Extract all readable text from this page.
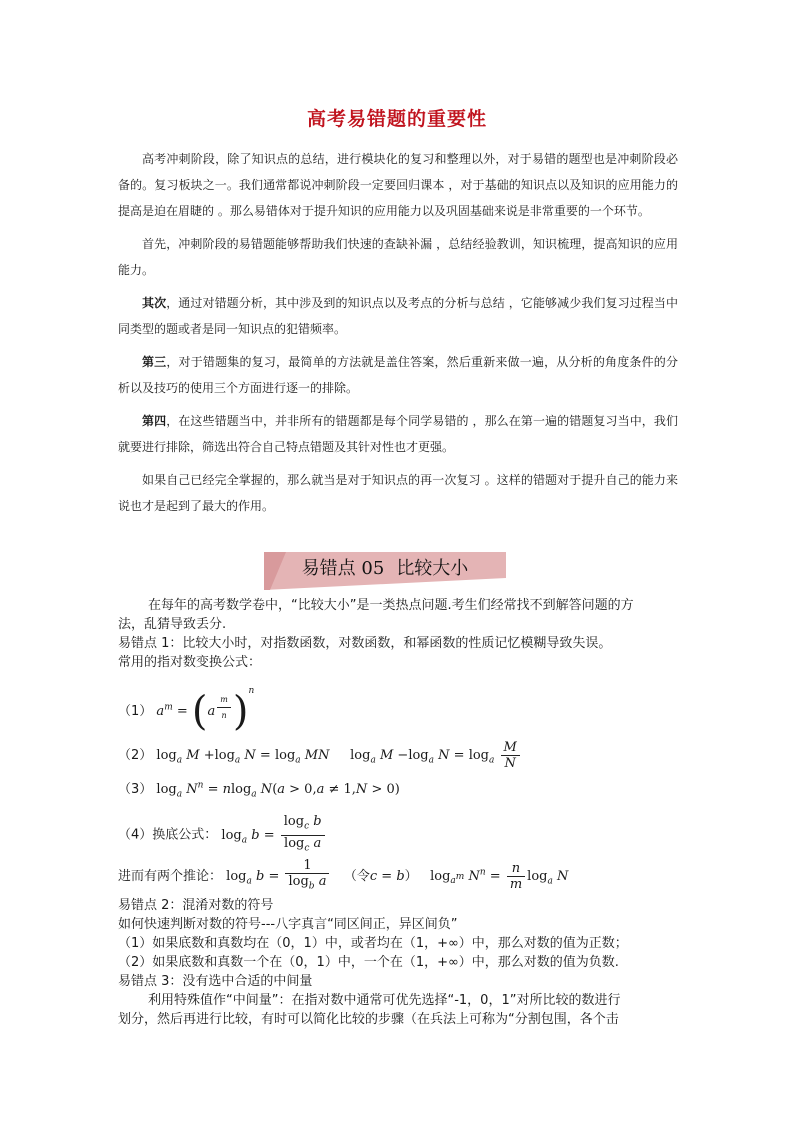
高考易错题的重要性

高考冲刺阶段，除了知识点的总结，进行模块化的复习和整理以外，对于易错的题型也是冲刺阶段必备的。复习板块之一。我们通常都说冲刺阶段一定要回归课本 ，对于基础的知识点以及知识的应用能力的提高是迫在眉睫的 。那么易错体对于提升知识的应用能力以及巩固基础来说是非常重要的一个环节。

首先，冲刺阶段的易错题能够帮助我们快速的查缺补漏 ，总结经验教训，知识梳理，提高知识的应用能力。

其次，通过对错题分析，其中涉及到的知识点以及考点的分析与总结 ，它能够减少我们复习过程当中同类型的题或者是同一知识点的犯错频率。

第三，对于错题集的复习，最简单的方法就是盖住答案，然后重新来做一遍，从分析的角度条件的分析以及技巧的使用三个方面进行逐一的排除。

第四，在这些错题当中，并非所有的错题都是每个同学易错的 ，那么在第一遍的错题复习当中，我们就要进行排除，筛选出符合自己特点错题及其针对性也才更强。

如果自己已经完全掌握的，那么就当是对于知识点的再一次复习 。这样的错题对于提升自己的能力来说也才是起到了最大的作用。

易错点 05 比较大小
在每年的高考数学卷中，“比较大小”是一类热点问题.考生们经常找不到解答问题的方
法，乱猜导致丢分.
易错点 1：比较大小时，对指数函数，对数函数，和幂函数的性质记忆模糊导致失误。
常用的指对数变换公式：
（1） $a^m = (a$ $^{\frac{m}{n}}$ )$^n$
（2） $\log_a M +\log_a$ $N = \log_a$ MN     $\log_a M -\log_a$ $N = \log_a \frac{M}{N}$
（3） $\log_a N^n = nlog_a$ N(a > 0,a ≠ 1,N > 0)
（4）换底公式： $\log_a b = \frac{\log_c b}{\log_c a}$
进而有两个推论： $\log_a b = \frac{1}{\log_b a}$ （令c = b） $\log_{a^m} N^n = \frac{n}{m} \log_a N$
易错点 2：混淆对数的符号
如何快速判断对数的符号---八字真言“同区间正，异区间负”
（1）如果底数和真数均在（0，1）中，或者均在（1，+∞）中，那么对数的值为正数；
（2）如果底数和真数一个在（0，1）中，一个在（1，+∞）中，那么对数的值为负数.
易错点 3：没有选中合适的中间量
利用特殊值作“中间量”：在指对数中通常可优先选择“-1，0，1”对所比较的数进行
划分，然后再进行比较，有时可以简化比较的步骤（在兵法上可称为“分割包围，各个击
